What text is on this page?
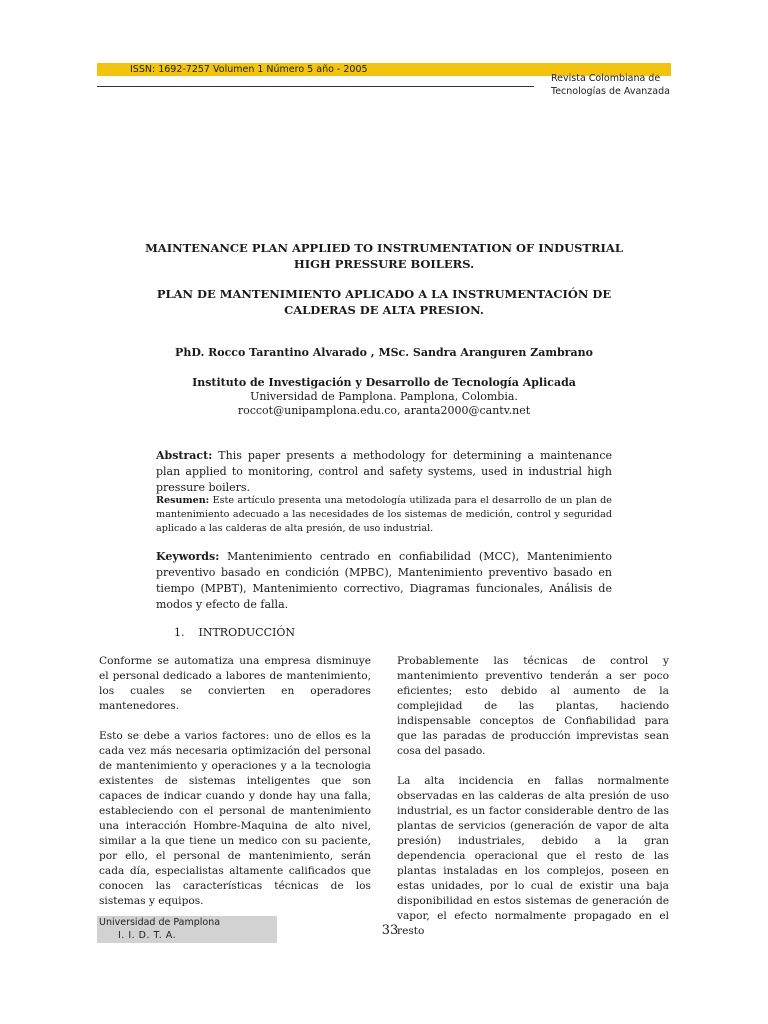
ISSN: 1692-7257 Volumen 1 Número 5 año - 2005
Revista Colombiana de
Tecnologías de Avanzada
MAINTENANCE PLAN APPLIED TO INSTRUMENTATION OF INDUSTRIAL
HIGH PRESSURE BOILERS.
PLAN DE MANTENIMIENTO APLICADO A LA INSTRUMENTACIÓN DE
CALDERAS DE ALTA PRESION.
PhD. Rocco Tarantino Alvarado , MSc. Sandra Aranguren Zambrano
Instituto de Investigación y Desarrollo de Tecnología Aplicada
Universidad de Pamplona. Pamplona, Colombia.
roccot@unipamplona.edu.co, aranta2000@cantv.net
Abstract: This paper presents a methodology for determining a maintenance plan applied to monitoring, control and safety systems, used in industrial high pressure boilers.
Resumen: Este artículo presenta una metodología utilizada para el desarrollo de un plan de mantenimiento adecuado a las necesidades de los sistemas de medición, control y seguridad aplicado a las calderas de alta presión, de uso industrial.
Keywords: Mantenimiento centrado en confiabilidad (MCC), Mantenimiento preventivo basado en condición (MPBC), Mantenimiento preventivo basado en tiempo (MPBT), Mantenimiento correctivo, Diagramas funcionales, Análisis de modos y efecto de falla.
1.    INTRODUCCIÓN

Conforme se automatiza una empresa disminuye el personal dedicado a labores de mantenimiento, los cuales se convierten en operadores mantenedores.

Esto se debe a varios factores: uno de ellos es la cada vez más necesaria optimización del personal de mantenimiento y operaciones y a la tecnologia existentes de sistemas inteligentes que son capaces de indicar cuando y donde hay una falla, estableciendo con el personal de mantenimiento una interacción Hombre-Maquina de alto nivel, similar a la que tiene un medico con su paciente, por ello, el personal de mantenimiento, serán cada día, especialistas altamente calificados que conocen las características técnicas de los sistemas y equipos.

Probablemente las técnicas de control y mantenimiento preventivo tenderán a ser poco eficientes; esto debido al aumento de la complejidad de las plantas, haciendo indispensable conceptos de Confiabilidad para que las paradas de producción imprevistas sean cosa del pasado.

La alta incidencia en fallas normalmente observadas en las calderas de alta presión de uso industrial, es un factor considerable dentro de las plantas de servicios (generación de vapor de alta presión) industriales, debido a la gran dependencia operacional que el resto de las plantas instaladas en los complejos, poseen en estas unidades, por lo cual de existir una baja disponibilidad en estos sistemas de generación de vapor, el efecto normalmente propagado en el resto

Universidad de Pamplona
I. I. D. T. A.	33
